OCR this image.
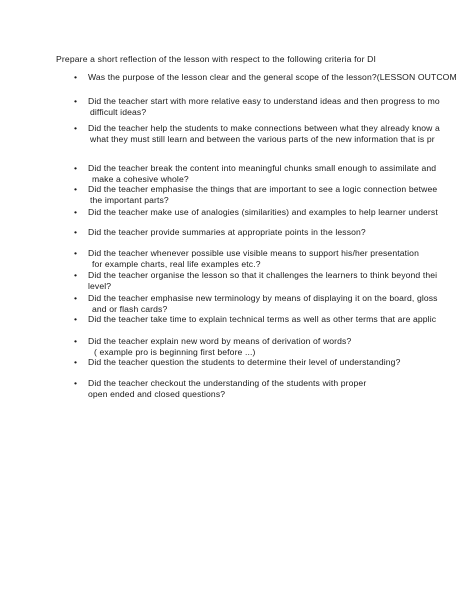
Prepare a short reflection of the lesson with respect to the following criteria for DI
• Was the purpose of the lesson clear and the general scope of the lesson?(LESSON OUTCOM
• Did the teacher start with more relative easy to understand ideas and then progress to mo
difficult ideas?
• Did the teacher help the students to make connections between what they already know a
what they must still learn and between the various parts of the new information that is pr
• Did the teacher break the content into meaningful chunks small enough to assimilate and
make a cohesive whole?
• Did the teacher emphasise the things that are important to see a logic connection betwee
the important parts?
• Did the teacher make use of analogies (similarities) and examples to help learner underst
• Did the teacher provide summaries at appropriate points in the lesson?
• Did the teacher whenever possible use visible means to support his/her presentation
for example charts, real life examples etc.?
• Did the teacher organise the lesson so that it challenges the learners to think beyond thei
level?
• Did the teacher emphasise new terminology by means of displaying it on the board, gloss
and or flash cards?
• Did the teacher take time to explain technical terms as well as other terms that are applic
• Did the teacher explain new word by means of derivation of words?
( example pro is beginning first before ...)
• Did the teacher question the students to determine their level of understanding?
• Did the teacher checkout the understanding of the students with proper
open ended and closed questions?
